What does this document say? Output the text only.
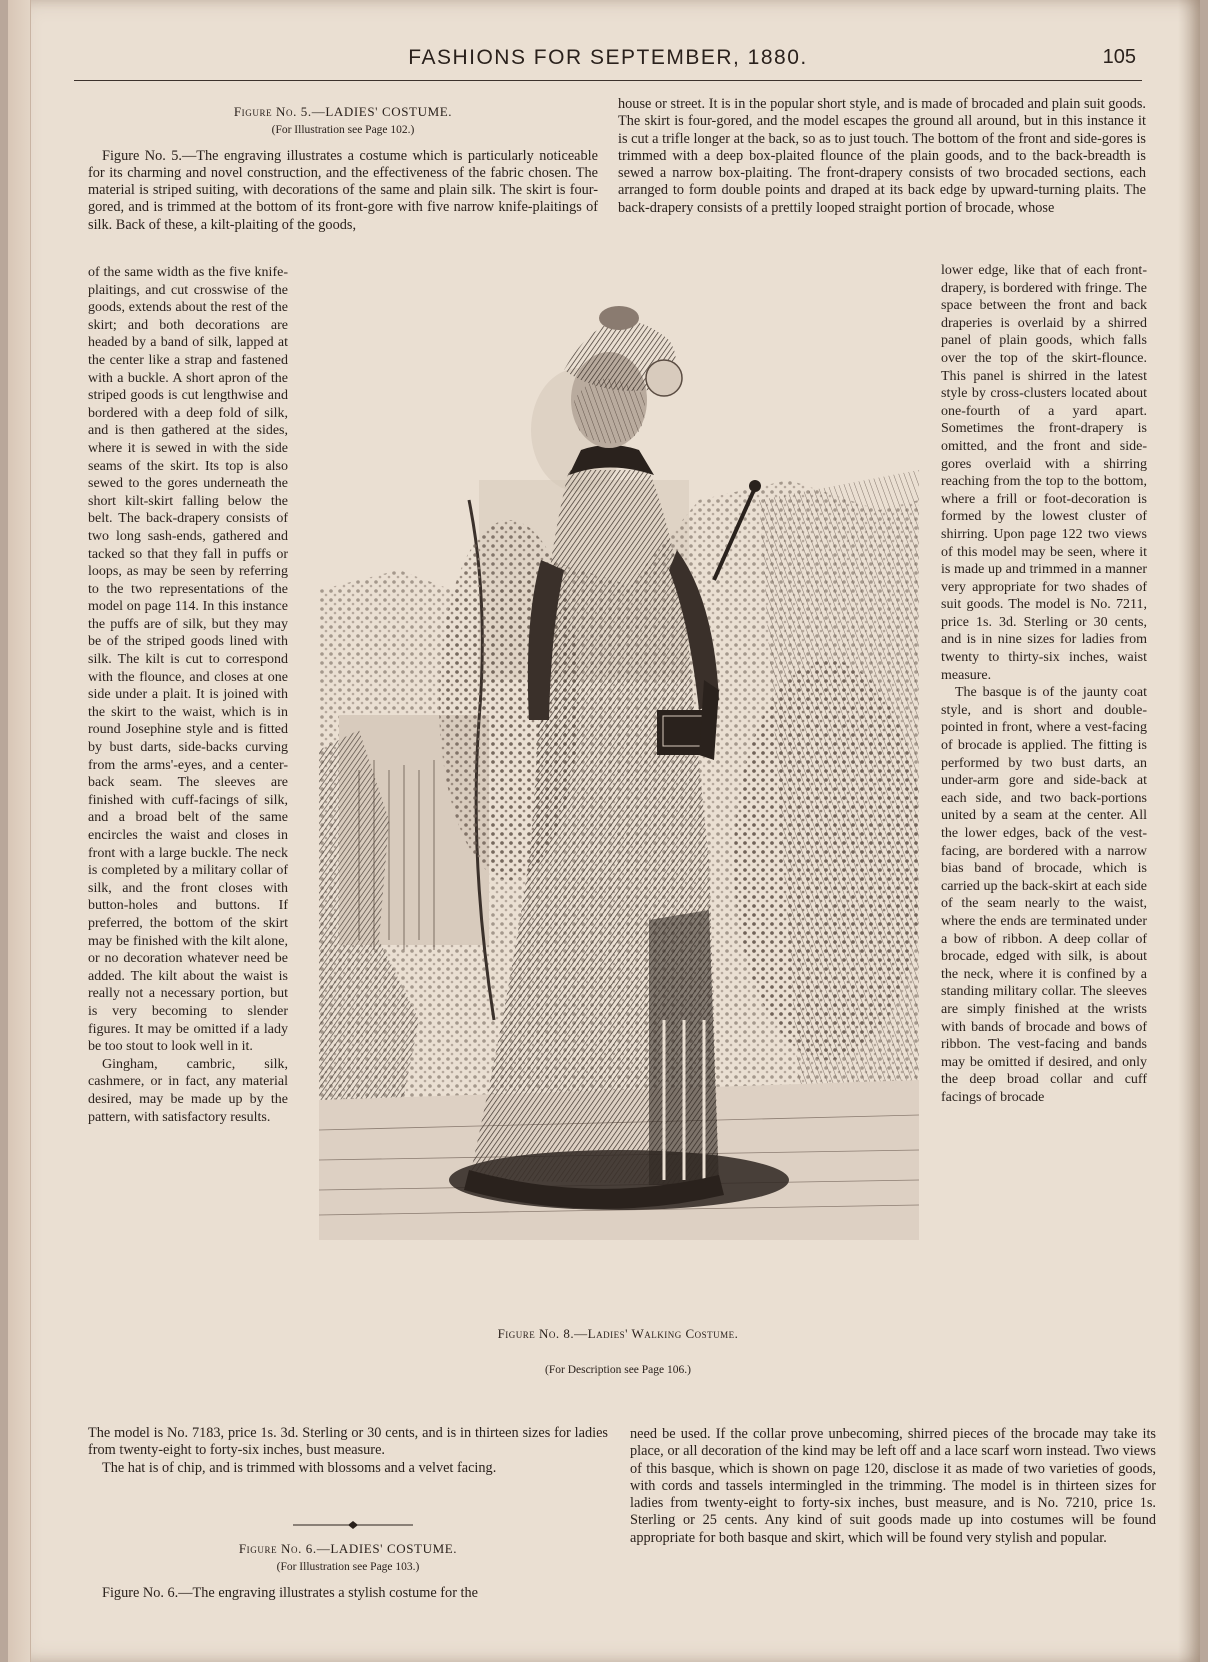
FASHIONS FOR SEPTEMBER, 1880.	105
Figure No. 5.—LADIES' COSTUME.
(For Illustration see Page 102.)

Figure No. 5.—The engraving illustrates a costume which is particularly noticeable for its charming and novel construction, and the effectiveness of the fabric chosen. The material is striped suiting, with decorations of the same and plain silk. The skirt is four-gored, and is trimmed at the bottom of its front-gore with five narrow knife-plaitings of silk. Back of these, a kilt-plaiting of the goods,

of the same width as the five knife-plaitings, and cut crosswise of the goods, extends about the rest of the skirt; and both decorations are headed by a band of silk, lapped at the center like a strap and fastened with a buckle. A short apron of the striped goods is cut lengthwise and bordered with a deep fold of silk, and is then gathered at the sides, where it is sewed in with the side seams of the skirt. Its top is also sewed to the gores underneath the short kilt-skirt falling below the belt. The back-drapery consists of two long sash-ends, gathered and tacked so that they fall in puffs or loops, as may be seen by referring to the two representations of the model on page 114. In this instance the puffs are of silk, but they may be of the striped goods lined with silk. The kilt is cut to correspond with the flounce, and closes at one side under a plait. It is joined with the skirt to the waist, which is in round Josephine style and is fitted by bust darts, side-backs curving from the arms'-eyes, and a center-back seam. The sleeves are finished with cuff-facings of silk, and a broad belt of the same encircles the waist and closes in front with a large buckle. The neck is completed by a military collar of silk, and the front closes with button-holes and buttons. If preferred, the bottom of the skirt may be finished with the kilt alone, or no decoration whatever need be added. The kilt about the waist is really not a necessary portion, but is very becoming to slender figures. It may be omitted if a lady be too stout to look well in it.

Gingham, cambric, silk, cashmere, or in fact, any material desired, may be made up by the pattern, with satisfactory results.

house or street. It is in the popular short style, and is made of brocaded and plain suit goods. The skirt is four-gored, and the model escapes the ground all around, but in this instance it is cut a trifle longer at the back, so as to just touch. The bottom of the front and side-gores is trimmed with a deep box-plaited flounce of the plain goods, and to the back-breadth is sewed a narrow box-plaiting. The front-drapery consists of two brocaded sections, each arranged to form double points and draped at its back edge by upward-turning plaits. The back-drapery consists of a prettily looped straight portion of brocade, whose

lower edge, like that of each front-drapery, is bordered with fringe. The space between the front and back draperies is overlaid by a shirred panel of plain goods, which falls over the top of the skirt-flounce. This panel is shirred in the latest style by cross-clusters located about one-fourth of a yard apart. Sometimes the front-drapery is omitted, and the front and side-gores overlaid with a shirring reaching from the top to the bottom, where a frill or foot-decoration is formed by the lowest cluster of shirring. Upon page 122 two views of this model may be seen, where it is made up and trimmed in a manner very appropriate for two shades of suit goods. The model is No. 7211, price 1s. 3d. Sterling or 30 cents, and is in nine sizes for ladies from twenty to thirty-six inches, waist measure.

The basque is of the jaunty coat style, and is short and double-pointed in front, where a vest-facing of brocade is applied. The fitting is performed by two bust darts, an under-arm gore and side-back at each side, and two back-portions united by a seam at the center. All the lower edges, back of the vest-facing, are bordered with a narrow bias band of brocade, which is carried up the back-skirt at each side of the seam nearly to the waist, where the ends are terminated under a bow of ribbon. A deep collar of brocade, edged with silk, is about the neck, where it is confined by a standing military collar. The sleeves are simply finished at the wrists with bands of brocade and bows of ribbon. The vest-facing and bands may be omitted if desired, and only the deep broad collar and cuff facings of brocade

Figure No. 8.—Ladies' Walking Costume.
(For Description see Page 106.)

The model is No. 7183, price 1s. 3d. Sterling or 30 cents, and is in thirteen sizes for ladies from twenty-eight to forty-six inches, bust measure.

The hat is of chip, and is trimmed with blossoms and a velvet facing.

Figure No. 6.—LADIES' COSTUME.
(For Illustration see Page 103.)

Figure No. 6.—The engraving illustrates a stylish costume for the

need be used. If the collar prove unbecoming, shirred pieces of the brocade may take its place, or all decoration of the kind may be left off and a lace scarf worn instead. Two views of this basque, which is shown on page 120, disclose it as made of two varieties of goods, with cords and tassels intermingled in the trimming. The model is in thirteen sizes for ladies from twenty-eight to forty-six inches, bust measure, and is No. 7210, price 1s. Sterling or 25 cents. Any kind of suit goods made up into costumes will be found appropriate for both basque and skirt, which will be found very stylish and popular.
